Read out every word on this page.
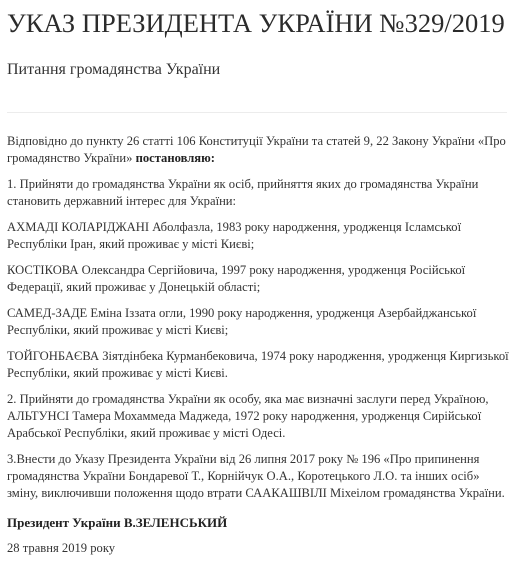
УКАЗ ПРЕЗИДЕНТА УКРАЇНИ №329/2019
Питання громадянства України

Відповідно до пункту 26 статті 106 Конституції України та статей 9, 22 Закону України «Про громадянство України» постановляю:

1. Прийняти до громадянства України як осіб, прийняття яких до громадянства України становить державний інтерес для України:

АХМАДІ КОЛАРІДЖАНІ Аболфазла, 1983 року народження, уродженця Ісламської Республіки Іран, який проживає у місті Києві;

КОСТІКОВА Олександра Сергійовича, 1997 року народження, уродженця Російської Федерації, який проживає у Донецькій області;

САМЕД-ЗАДЕ Еміна Іззата огли, 1990 року народження, уродженця Азербайджанської Республіки, який проживає у місті Києві;

ТОЙГОНБАЄВА Зіятдінбека Курманбековича, 1974 року народження, уродженця Киргизької Республіки, який проживає у місті Києві.

2. Прийняти до громадянства України як особу, яка має визначні заслуги перед Україною, АЛЬТУНСІ Тамера Мохаммеда Маджеда, 1972 року народження, уродженця Сирійської Арабської Республіки, який проживає у місті Одесі.

3.Внести до Указу Президента України від 26 липня 2017 року № 196 «Про припинення громадянства України Бондаревої Т., Корнійчук О.А., Коротецького Л.О. та інших осіб» зміну, виключивши положення щодо втрати СААКАШВІЛІ Міхеілом громадянства України.

Президент України В.ЗЕЛЕНСЬКИЙ

28 травня 2019 року
